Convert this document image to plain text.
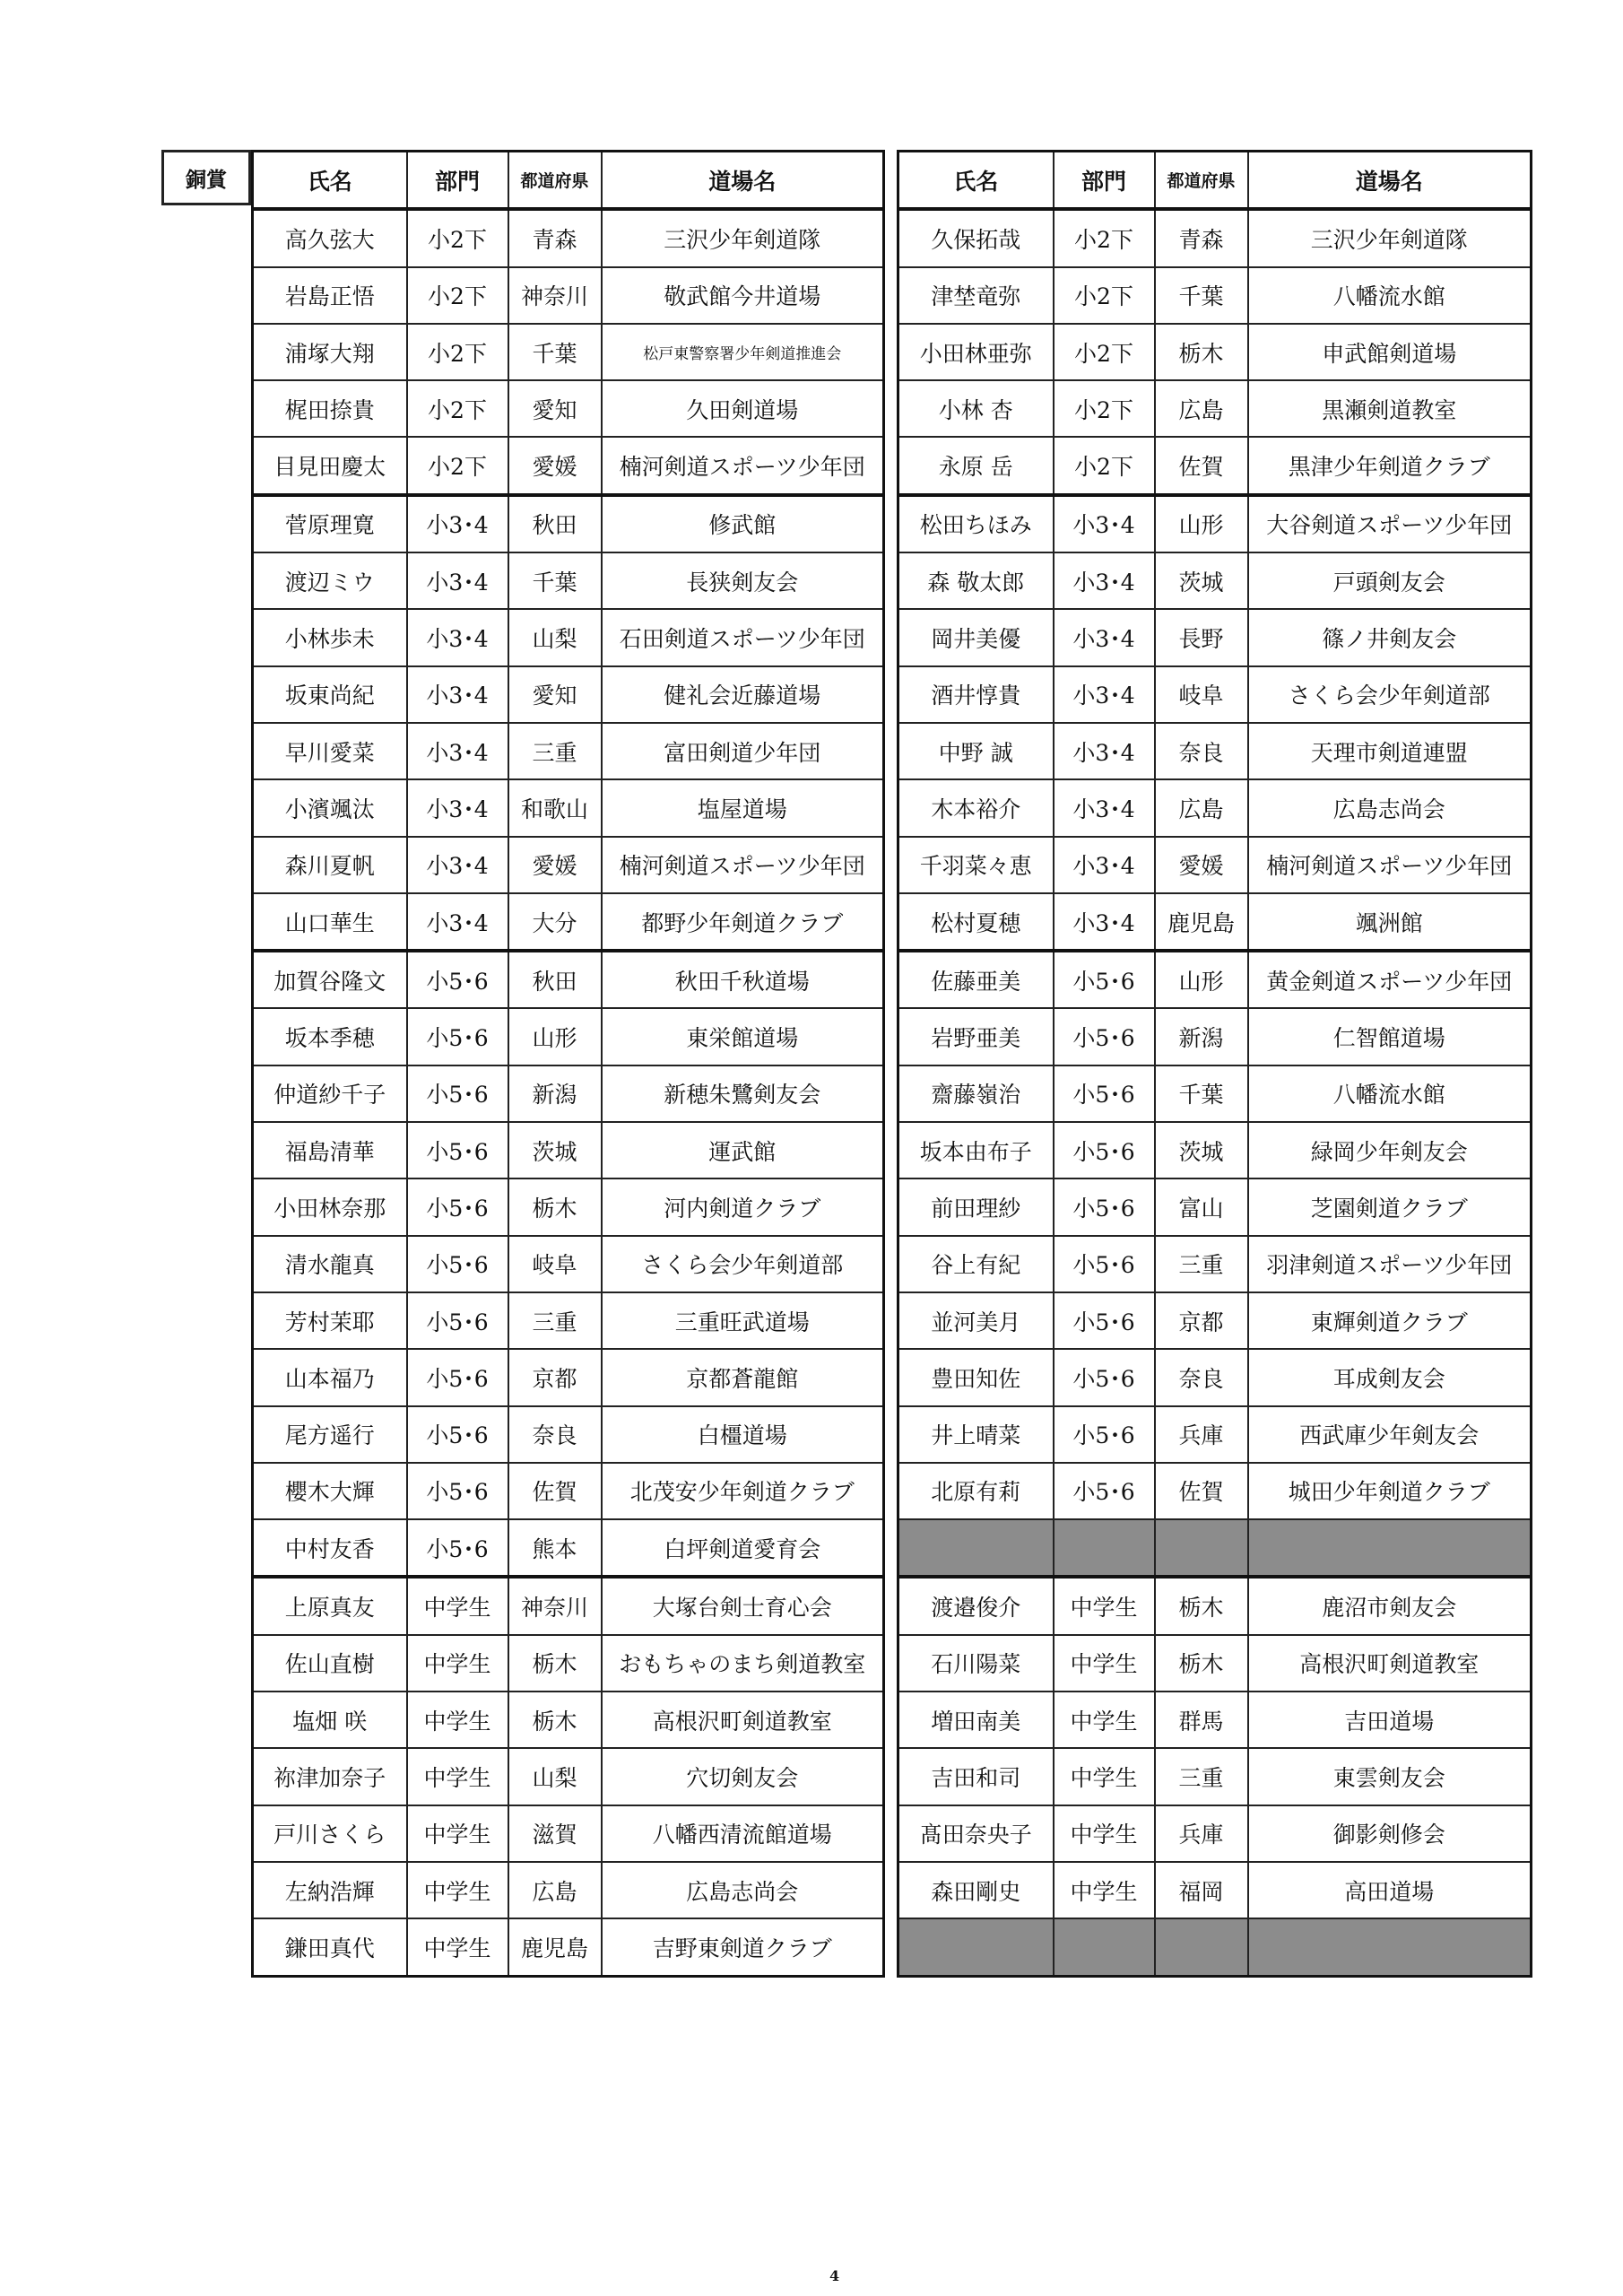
銅賞	氏名	部門	都道府県	道場名
高久弦大	小2下	青森	三沢少年剣道隊
岩島正悟	小2下	神奈川	敬武館今井道場
浦塚大翔	小2下	千葉	松戸東警察署少年剣道推進会
梶田捺貴	小2下	愛知	久田剣道場
目見田慶太	小2下	愛媛	楠河剣道スポーツ少年団
菅原理寛	小3･4	秋田	修武館
渡辺ミウ	小3･4	千葉	長狭剣友会
小林歩未	小3･4	山梨	石田剣道スポーツ少年団
坂東尚紀	小3･4	愛知	健礼会近藤道場
早川愛菜	小3･4	三重	富田剣道少年団
小濱颯汰	小3･4	和歌山	塩屋道場
森川夏帆	小3･4	愛媛	楠河剣道スポーツ少年団
山口華生	小3･4	大分	都野少年剣道クラブ
加賀谷隆文	小5･6	秋田	秋田千秋道場
坂本季穂	小5･6	山形	東栄館道場
仲道紗千子	小5･6	新潟	新穂朱鷺剣友会
福島清華	小5･6	茨城	運武館
小田林奈那	小5･6	栃木	河内剣道クラブ
清水龍真	小5･6	岐阜	さくら会少年剣道部
芳村茉耶	小5･6	三重	三重旺武道場
山本福乃	小5･6	京都	京都蒼龍館
尾方遥行	小5･6	奈良	白橿道場
櫻木大輝	小5･6	佐賀	北茂安少年剣道クラブ
中村友香	小5･6	熊本	白坪剣道愛育会
上原真友	中学生	神奈川	大塚台剣士育心会
佐山直樹	中学生	栃木	おもちゃのまち剣道教室
塩畑 咲	中学生	栃木	高根沢町剣道教室
祢津加奈子	中学生	山梨	穴切剣友会
戸川さくら	中学生	滋賀	八幡西清流館道場
左納浩輝	中学生	広島	広島志尚会
鎌田真代	中学生	鹿児島	吉野東剣道クラブ
氏名	部門	都道府県	道場名
久保拓哉	小2下	青森	三沢少年剣道隊
津埜竜弥	小2下	千葉	八幡流水館
小田林亜弥	小2下	栃木	申武館剣道場
小林 杏	小2下	広島	黒瀬剣道教室
永原 岳	小2下	佐賀	黒津少年剣道クラブ
松田ちほみ	小3･4	山形	大谷剣道スポーツ少年団
森 敬太郎	小3･4	茨城	戸頭剣友会
岡井美優	小3･4	長野	篠ノ井剣友会
酒井惇貴	小3･4	岐阜	さくら会少年剣道部
中野 誠	小3･4	奈良	天理市剣道連盟
木本裕介	小3･4	広島	広島志尚会
千羽菜々恵	小3･4	愛媛	楠河剣道スポーツ少年団
松村夏穂	小3･4	鹿児島	颯洲館
佐藤亜美	小5･6	山形	黄金剣道スポーツ少年団
岩野亜美	小5･6	新潟	仁智館道場
齋藤嶺治	小5･6	千葉	八幡流水館
坂本由布子	小5･6	茨城	緑岡少年剣友会
前田理紗	小5･6	富山	芝園剣道クラブ
谷上有紀	小5･6	三重	羽津剣道スポーツ少年団
並河美月	小5･6	京都	東輝剣道クラブ
豊田知佐	小5･6	奈良	耳成剣友会
井上晴菜	小5･6	兵庫	西武庫少年剣友会
北原有莉	小5･6	佐賀	城田少年剣道クラブ

渡邉俊介	中学生	栃木	鹿沼市剣友会
石川陽菜	中学生	栃木	高根沢町剣道教室
増田南美	中学生	群馬	吉田道場
吉田和司	中学生	三重	東雲剣友会
髙田奈央子	中学生	兵庫	御影剣修会
森田剛史	中学生	福岡	高田道場

4
